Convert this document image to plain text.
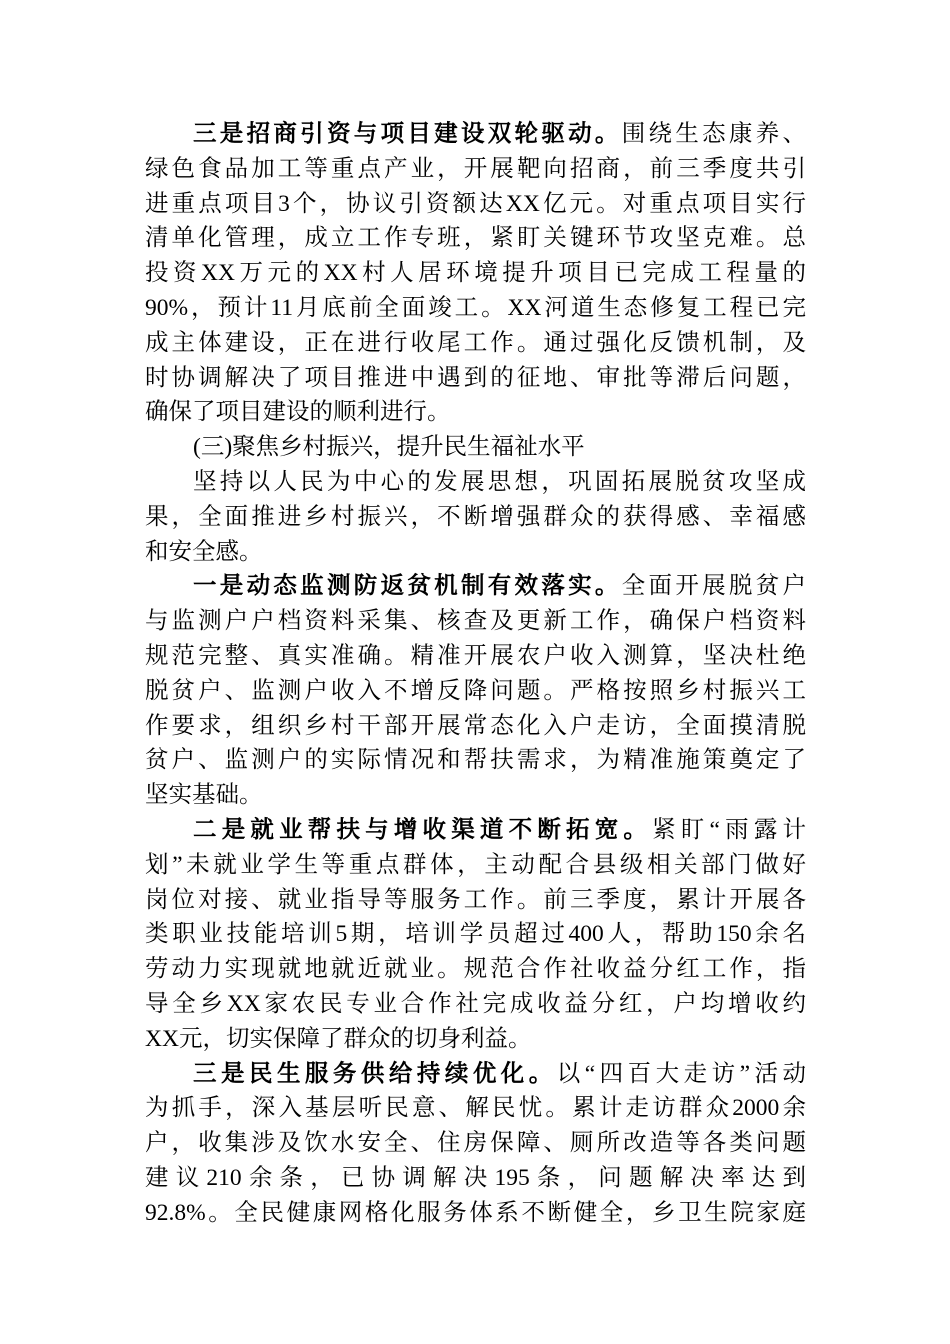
三是招商引资与项目建设双轮驱动。围绕生态康养、
绿色食品加工等重点产业，开展靶向招商，前三季度共引
进重点项目3个，协议引资额达XX亿元。对重点项目实行
清单化管理，成立工作专班，紧盯关键环节攻坚克难。总
投资XX万元的XX村人居环境提升项目已完成工程量的
90%，预计11月底前全面竣工。XX河道生态修复工程已完
成主体建设，正在进行收尾工作。通过强化反馈机制，及
时协调解决了项目推进中遇到的征地、审批等滞后问题，
确保了项目建设的顺利进行。
(三)聚焦乡村振兴，提升民生福祉水平
坚持以人民为中心的发展思想，巩固拓展脱贫攻坚成
果，全面推进乡村振兴，不断增强群众的获得感、幸福感
和安全感。
一是动态监测防返贫机制有效落实。全面开展脱贫户
与监测户户档资料采集、核查及更新工作，确保户档资料
规范完整、真实准确。精准开展农户收入测算，坚决杜绝
脱贫户、监测户收入不增反降问题。严格按照乡村振兴工
作要求，组织乡村干部开展常态化入户走访，全面摸清脱
贫户、监测户的实际情况和帮扶需求，为精准施策奠定了
坚实基础。
二是就业帮扶与增收渠道不断拓宽。紧盯“雨露计
划”未就业学生等重点群体，主动配合县级相关部门做好
岗位对接、就业指导等服务工作。前三季度，累计开展各
类职业技能培训5期，培训学员超过400人，帮助150余名
劳动力实现就地就近就业。规范合作社收益分红工作，指
导全乡XX家农民专业合作社完成收益分红，户均增收约
XX元，切实保障了群众的切身利益。
三是民生服务供给持续优化。以“四百大走访”活动
为抓手，深入基层听民意、解民忧。累计走访群众2000余
户，收集涉及饮水安全、住房保障、厕所改造等各类问题
建议210余条，已协调解决195条，问题解决率达到
92.8%。全民健康网格化服务体系不断健全，乡卫生院家庭
